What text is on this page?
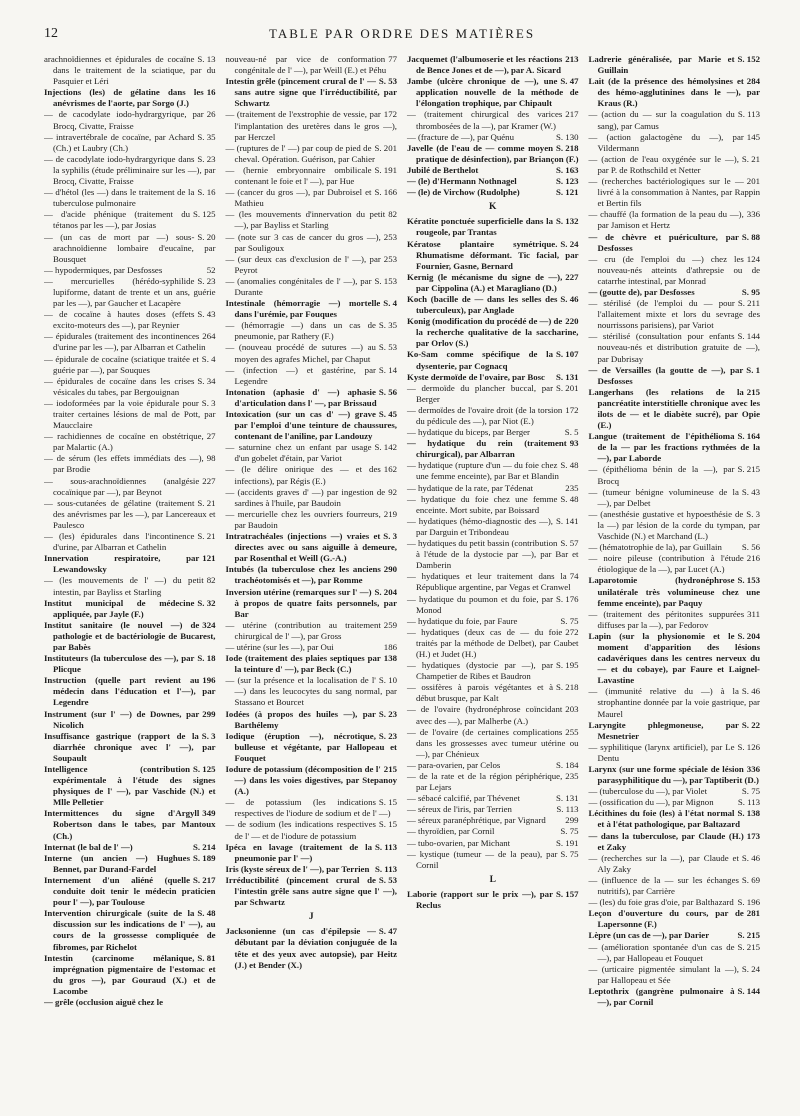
12	TABLE PAR ORDRE DES MATIÈRES
S. 13
arachnoïdiennes et épidurales de cocaïne dans le traitement de la sciatique, par du Pasquier et Léri
16
Injections (les) de gélatine dans les anévrismes de l'aorte, par Sorgo (J.)
26
— de cacodylate iodo-hydrargyrique, par Brocq, Civatte, Fraisse
S. 35
— intravertébrale de cocaïne, par Achard (Ch.) et Laubry (Ch.)
S. 23
— de cacodylate iodo-hydrargyrique dans la syphilis (étude préliminaire sur les —), par Brocq, Civatte, Fraisse
S. 16
— d'hétol (les —) dans le traitement de la tuberculose pulmonaire
S. 125
— d'acide phénique (traitement du tétanos par les —), par Josias
S. 20
— (un cas de mort par —) sous-arachnoïdienne lombaire d'eucaïne, par Bousquet
52
— hypodermiques, par Desfosses
S. 23
— mercurielles (hérédo-syphilide lupiforme, datant de trente et un ans, guérie par les —), par Gaucher et Lacapère
S. 43
— de cocaïne à hautes doses (effets excito-moteurs des —), par Reynier
264
— épidurales (traitement des incontinences d'urine par les —), par Albarran et Cathelin
S. 4
— épidurale de cocaïne (sciatique traitée et guérie par —), par Souques
S. 34
— épidurales de cocaïne dans les crises vésicales du tabes, par Bergouignan
S. 3
— iodoformées par la voie épidurale pour traiter certaines lésions de mal de Pott, par Maucclaire
27
— rachidiennes de cocaïne en obstétrique, par Malartic (A.)
98
— de sérum (les effets immédiats des —), par Brodie
227
— sous-arachnoïdiennes (analgésie cocaïnique par —), par Beynot
S. 21
— sous-cutanées de gélatine (traitement des anévrismes par les —), par Lancereaux et Paulesco
S. 21
— (les) épidurales dans l'incontinence d'urine, par Albarran et Cathelin
121
Innervation respiratoire, par Lewandowsky
82
— (les mouvements de l' —) du petit intestin, par Bayliss et Starling
S. 32
Institut municipal de médecine appliquée, par Jayle (F.)
324
Institut sanitaire (le nouvel —) de pathologie et de bactériologie de Bucarest, par Babès
S. 18
Instituteurs (la tuberculose des —), par Plicque
196
Instruction (quelle part revient au médecin dans l'éducation et l'—), par Legendre
299
Instrument (sur l' —) de Downes, par Nicolich
S. 3
Insuffisance gastrique (rapport de la diarrhée chronique avec l' —), par Soupault
S. 125
Intelligence (contribution expérimentale à l'étude des signes physiques de l' —), par Vaschide (N.) et Mlle Pelletier
349
Intermittences du signe d'Argyll Robertson dans le tabes, par Mantoux (Ch.)
S. 214
Internat (le bal de l' —)
S. 189
Interne (un ancien —) Hughues Bennet, par Durand-Fardel
S. 217
Internement d'un aliéné (quelle conduite doit tenir le médecin praticien pour l' —), par Toulouse
S. 48
Intervention chirurgicale (suite de la discussion sur les indications de l' —), au cours de la grossesse compliquée de fibromes, par Richelot
S. 81
Intestin (carcinome mélanique, imprégnation pigmentaire de l'estomac et du gros —), par Gouraud (X.) et de Lacombe
— grêle (occlusion aiguë chez le
77
nouveau-né par vice de conformation congénitale de l' —), par Weill (E.) et Péhu
S. 53
Intestin grêle (pincement crural de l' — sans autre signe que l'irréductibilité, par Schwartz
172
— (traitement de l'exstrophie de vessie, par l'implantation des uretères dans le gros —), par Herczel
S. 201
— (ruptures de l' —) par coup de pied de cheval. Opération. Guérison, par Cahier
S. 191
— (hernie embryonnaire ombilicale contenant le foie et l' —), par Hue
S. 166
— (cancer du gros —), par Dubroisel et Mathieu
82
— (les mouvements d'innervation du petit —), par Bayliss et Starling
253
— (note sur 3 cas de cancer du gros —), par Souligoux
253
— (sur deux cas d'exclusion de l' —), par Peyrot
S. 153
— (anomalies congénitales de l' —), par Durante
S. 4
Intestinale (hémorragie —) mortelle dans l'urémie, par Fouques
S. 35
— (hémorragie —) dans un cas de pneumonie, par Rathery (F.)
S. 53
— (nouveau procédé de sutures —) au moyen des agrafes Michel, par Chaput
S. 14
— (infection —) et gastérine, par Legendre
S. 56
Intonation (aphasie d' —) aphasie d'articulation dans l' —, par Brissaud
S. 45
Intoxication (sur un cas d' —) grave par l'emploi d'une teinture de chaussures, contenant de l'aniline, par Landouzy
S. 142
— saturnine chez un enfant par usage d'un gobelet d'étain, par Variot
162
— (le délire onirique des — et des infections), par Régis (E.)
92
— (accidents graves d' —) par ingestion de sardines à l'huile, par Baudoin
219
— mercurielle chez les ouvriers fourreurs, par Baudoin
S. 3
Intratrachéales (injections —) vraies et directes avec ou sans aiguille à demeure, par Rosenthal et Weill (G.-A.)
290
Intubés (la tuberculose chez les anciens trachéotomisés et —), par Romme
S. 204
Inversion utérine (remarques sur l' —) à propos de quatre faits personnels, par Bar
259
— utérine (contribution au traitement chirurgical de l' —), par Gross
186
— utérine (sur les —), par Oui
138
Iode (traitement des plaies septiques par la teinture d' —), par Beck (C.)
S. 10
— (sur la présence et la localisation de l' —) dans les leucocytes du sang normal, par Stassano et Bourcet
S. 23
Iodées (à propos des huiles —), par Barthélemy
S. 23
Iodique (éruption —), nécrotique, bulleuse et végétante, par Hallopeau et Fouquet
215
Iodure de potassium (décomposition de l' —) dans les voies digestives, par Stepanoy (A.)
S. 15
— de potassium (les indications respectives de l'iodure de sodium et de l' —)
S. 15
— de sodium (les indications respectives de l' — et de l'iodure de potassium
S. 113
Ipéca en lavage (traitement de la pneumonie par l' —)
S. 113
Iris (kyste séreux de l' —), par Terrien
S. 53
Irréductibilité (pincement crural de l'intestin grêle sans autre signe que l' —), par Schwartz
J
S. 47
Jacksonienne (un cas d'épilepsie — débutant par la déviation conjuguée de la tête et des yeux avec autopsie), par Heitz (J.) et Bender (X.)
213
Jacquemet (l'albumoserie et les réactions de Bence Jones et de —), par A. Sicard
S. 47
Jambe (ulcère chronique de —), une application nouvelle de la méthode de l'élongation trophique, par Chipault
217
— (traitement chirurgical des varices thrombosées de la —), par Kramer (W.)
S. 130
— (fracture de —), par Quénu
S. 218
Javelle (de l'eau de — comme moyen pratique de désinfection), par Briançon (F.)
S. 163
Jubilé de Berthelot
S. 123
— (le) d'Hermann Nothnagel
S. 121
— (le) de Virchow (Rudolphe)
K
S. 132
Kératite ponctuée superficielle dans la rougeole, par Trantas
S. 24
Kératose plantaire symétrique. Rhumatisme déformant. Tic facial, par Fournier, Gasne, Bernard
227
Kernig (le mécanisme du signe de —), par Cippolina (A.) et Maragliano (D.)
S. 46
Koch (bacille de — dans les selles des tuberculeux), par Anglade
220
Konig (modification du procédé de —) de la recherche qualitative de la saccharine, par Orlov (S.)
S. 107
Ko-Sam comme spécifique de la dysenterie, par Cognacq
S. 131
Kyste dermoïde de l'ovaire, par Bosc
S. 201
— dermoïde du plancher buccal, par Berger
172
— dermoïdes de l'ovaire droit (de la torsion du pédicule des —), par Niot (E.)
S. 5
— hydatique du biceps, par Berger
93
— hydatique du rein (traitement chirurgical), par Albarran
S. 48
— hydatique (rupture d'un — du foie chez une femme enceinte), par Bar et Blandin
235
— hydatique de la rate, par Tédenat
S. 48
— hydatique du foie chez une femme enceinte. Mort subite, par Boissard
S. 141
— hydatiques (hémo-diagnostic des —), par Darguin et Tribondeau
S. 57
— hydatiques du petit bassin (contribution à l'étude de la dystocie par —), par Bar et Damberin
74
— hydatiques et leur traitement dans la République argentine, par Vegas et Cranwel
S. 176
— hydatique du poumon et du foie, par Monod
S. 75
— hydatique du foie, par Faure
272
— hydatiques (deux cas de — du foie traités par la méthode de Delbet), par Caubet (H.) et Judet (H.)
S. 195
— hydatiques (dystocie par —), par Champetier de Ribes et Baudron
S. 218
— ossifères à parois végétantes et à début brusque, par Kalt
203
— de l'ovaire (hydronéphrose coïncidant avec des —), par Malherbe (A.)
255
— de l'ovaire (de certaines complications dans les grossesses avec tumeur utérine ou —), par Chénieux
S. 184
— para-ovarien, par Celos
235
— de la rate et de la région périphérique, par Lejars
S. 131
— sébacé calcifié, par Thévenet
S. 113
— séreux de l'iris, par Terrien
299
— séreux paranéphrétique, par Vignard
S. 75
— thyroïdien, par Cornil
S. 191
— tubo-ovarien, par Michant
S. 75
— kystique (tumeur — de la peau), par Cornil
L
S. 157
Laborie (rapport sur le prix —), par Reclus
S. 152
Ladrerie généralisée, par Marie et Guillain
284
Lait (de la présence des hémolysines et des hémo-agglutinines dans le —), par Kraus (R.)
S. 113
— (action du — sur la coagulation du sang), par Camus
145
— (action galactogène du —), par Vildermann
S. 21
— (action de l'eau oxygénée sur le —), par P. de Rothschild et Netter
201
— (recherches bactériologiques sur le — livré à la consommation à Nantes, par Rappin et Bertin fils
336
— chauffé (la formation de la peau du —), par Jamison et Hertz
S. 88
— de chèvre et puériculture, par Desfosses
124
— cru (de l'emploi du —) chez les nouveau-nés atteints d'athrepsie ou de catarrhe intestinal, par Monrad
S. 95
— (goutte de), par Desfosses
S. 211
— stérilisé (de l'emploi du — pour l'allaitement mixte et lors du sevrage des nourrissons parisiens), par Variot
S. 144
— stérilisé (consultation pour enfants nouveau-nés et distribution gratuite de —), par Dubrisay
S. 1
— de Versailles (la goutte de —), par Desfosses
215
Langerhans (les relations de la pancréatite interstitielle chronique avec les ilots de — et le diabète sucré), par Opie (E.)
S. 164
Langue (traitement de l'épithélioma de la — par les fractions rythmées de la —), par Laborde
S. 215
— (épithélioma bénin de la —), par Brocq
S. 43
— (tumeur bénigne volumineuse de la —), par Delbet
S. 3
— (anesthésie gustative et hypoesthésie de la —) par lésion de la corde du tympan, par Vaschide (N.) et Marchand (L.)
S. 56
— (hématotrophie de la), par Guillain
216
— noire pileuse (contribution à l'étude étiologique de la —), par Lucet (A.)
S. 153
Laparotomie (hydronéphrose unilatérale très volumineuse chez une femme enceinte), par Paquy
311
— (traitement des péritonites suppurées diffuses par la —), par Fedorov
S. 204
Lapin (sur la physionomie et le moment d'apparition des lésions cadavériques dans les centres nerveux du — et du cobaye), par Faure et Laignel-Lavastine
S. 46
— (immunité relative du —) à la strophantine donnée par la voie gastrique, par Maurel
S. 22
Laryngite phlegmoneuse, par Mesnetrier
S. 126
— syphilitique (larynx artificiel), par Le Dentu
336
Larynx (sur une forme spéciale de lésion parasyphilitique du —), par Taptiberit (D.)
S. 75
— (tuberculose du —), par Violet
S. 113
— (ossification du —), par Mignon
S. 138
Lécithines du foie (les) à l'état normal et à l'état pathologique, par Baltazard
173
— dans la tuberculose, par Claude (H.) et Zaky
S. 46
— (recherches sur la —), par Claude et Aly Zaky
S. 69
— (influence de la — sur les échanges nutritifs), par Carrière
S. 196
— (les) du foie gras d'oie, par Balthazard
281
Leçon d'ouverture du cours, par de Lapersonne (F.)
S. 215
Lèpre (un cas de —), par Darier
S. 215
— (amélioration spontanée d'un cas de —), par Hallopeau et Fouquet
S. 24
— (urticaire pigmentée simulant la —), par Hallopeau et Sée
S. 144
Leptothrix (gangrène pulmonaire à —), par Cornil
